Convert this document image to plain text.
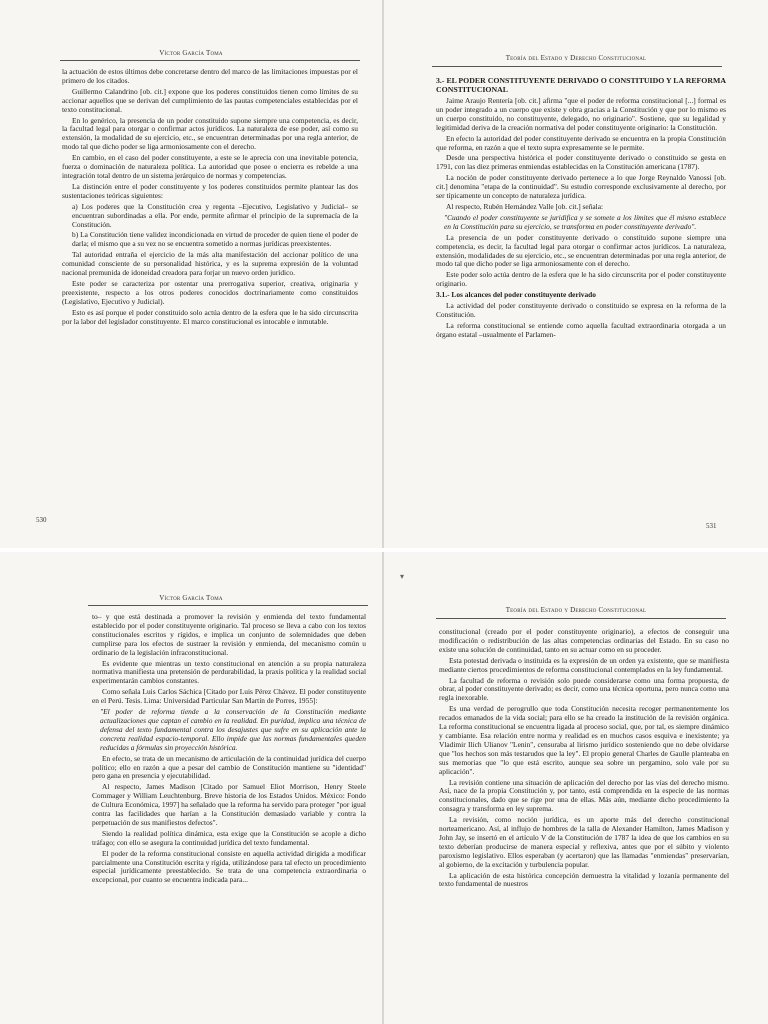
Víctor García Toma

la actuación de estos últimos debe concretarse dentro del marco de las limitaciones impuestas por el primero de los citados.

Guillermo Calandrino [ob. cit.] expone que los poderes constituidos tienen como límites de su accionar aquellos que se derivan del cumplimiento de las pautas competenciales establecidas por el texto constitucional.

En lo genérico, la presencia de un poder constituido supone siempre una competencia, es decir, la facultad legal para otorgar o confirmar actos jurídicos. La naturaleza de ese poder, así como su extensión, la modalidad de su ejercicio, etc., se encuentran determinadas por una regla anterior, de modo tal que dicho poder se liga armoniosamente con el derecho.

En cambio, en el caso del poder constituyente, a este se le aprecia con una inevitable potencia, fuerza o dominación de naturaleza política. La autoridad que posee o encierra es rebelde a una integración total dentro de un sistema jerárquico de normas y competencias.

La distinción entre el poder constituyente y los poderes constituidos permite plantear las dos sustentaciones teóricas siguientes:

a) Los poderes que la Constitución crea y regenta –Ejecutivo, Legislativo y Judicial– se encuentran subordinadas a ella. Por ende, permite afirmar el principio de la supremacía de la Constitución.

b) La Constitución tiene validez incondicionada en virtud de proceder de quien tiene el poder de darla; el mismo que a su vez no se encuentra sometido a normas jurídicas preexistentes.

Tal autoridad entraña el ejercicio de la más alta manifestación del accionar político de una comunidad consciente de su personalidad histórica, y es la suprema expresión de la voluntad nacional premunida de idoneidad creadora para forjar un nuevo orden jurídico.

Este poder se caracteriza por ostentar una prerrogativa superior, creativa, originaria y preexistente, respecto a los otros poderes conocidos doctrinariamente como constituidos (Legislativo, Ejecutivo y Judicial).

Esto es así porque el poder constituido solo actúa dentro de la esfera que le ha sido circunscrita por la labor del legislador constituyente. El marco constitucional es intocable e inmutable.

530
Teoría del Estado y Derecho Constitucional
3.- EL PODER CONSTITUYENTE DERIVADO O CONSTITUIDO Y LA REFORMA CONSTITUCIONAL

Jaime Araujo Rentería [ob. cit.] afirma "que el poder de reforma constitucional [...] formal es un poder integrado a un cuerpo que existe y obra gracias a la Constitución y que por lo mismo es un cuerpo constituido, no constituyente, delegado, no originario". Sostiene, que su legalidad y legitimidad deriva de la creación normativa del poder constituyente originario: la Constitución.

En efecto la autoridad del poder constituyente derivado se encuentra en la propia Constitución que reforma, en razón a que el texto supra expresamente se le permite.

Desde una perspectiva histórica el poder constituyente derivado o constituido se gesta en 1791, con las diez primeras enmiendas establecidas en la Constitución americana (1787).

La noción de poder constituyente derivado pertenece a lo que Jorge Reynaldo Vanossi [ob. cit.] denomina "etapa de la continuidad". Su estudio corresponde exclusivamente al derecho, por ser típicamente un concepto de naturaleza jurídica.

Al respecto, Rubén Hernández Valle [ob. cit.] señala:

"Cuando el poder constituyente se juridifica y se somete a los límites que él mismo establece en la Constitución para su ejercicio, se transforma en poder constituyente derivado".

La presencia de un poder constituyente derivado o constituido supone siempre una competencia, es decir, la facultad legal para otorgar o confirmar actos jurídicos. La naturaleza, extensión, modalidades de su ejercicio, etc., se encuentran determinadas por una regla anterior, de modo tal que dicho poder se liga armoniosamente con el derecho.

Este poder solo actúa dentro de la esfera que le ha sido circunscrita por el poder constituyente originario.

3.1.- Los alcances del poder constituyente derivado

La actividad del poder constituyente derivado o constituido se expresa en la reforma de la Constitución.

La reforma constitucional se entiende como aquella facultad extraordinaria otorgada a un órgano estatal –usualmente el Parlamen-

531
Víctor García Toma

to– y que está destinada a promover la revisión y enmienda del texto fundamental establecido por el poder constituyente originario. Tal proceso se lleva a cabo con los textos constitucionales escritos y rígidos, e implica un conjunto de solemnidades que deben cumplirse para los efectos de sustraer la revisión y enmienda, del mecanismo común u ordinario de la legislación infraconstitucional.

Es evidente que mientras un texto constitucional en atención a su propia naturaleza normativa manifiesta una pretensión de perdurabilidad, la praxis política y la realidad social experimentarán cambios constantes.

Como señala Luis Carlos Sáchica [Citado por Luis Pérez Chávez. El poder constituyente en el Perú. Tesis. Lima: Universidad Particular San Martín de Porres, 1955]:

"El poder de reforma tiende a la conservación de la Constitución mediante actualizaciones que captan el cambio en la realidad. En puridad, implica una técnica de defensa del texto fundamental contra los desajustes que sufre en su aplicación ante la concreta realidad espacio-temporal. Ello impide que las normas fundamentales queden reducidas a fórmulas sin proyección histórica.

En efecto, se trata de un mecanismo de articulación de la continuidad jurídica del cuerpo político; ello en razón a que a pesar del cambio de Constitución mantiene su "identidad" pero gana en presencia y ejecutabilidad.

Al respecto, James Madison [Citado por Samuel Eliot Morrison, Henry Steele Commager y William Leuchtenburg. Breve historia de los Estados Unidos. México: Fondo de Cultura Económica, 1997] ha señalado que la reforma ha servido para proteger "por igual contra las facilidades que harían a la Constitución demasiado variable y contra la perpetuación de sus manifiestos defectos".

Siendo la realidad política dinámica, esta exige que la Constitución se acople a dicho tráfago; con ello se asegura la continuidad jurídica del texto fundamental.

El poder de la reforma constitucional consiste en aquella actividad dirigida a modificar parcialmente una Constitución escrita y rígida, utilizándose para tal efecto un procedimiento especial jurídicamente preestablecido. Se trata de una competencia extraordinaria o excepcional, por cuanto se encuentra indicada para...

Teoría del Estado y Derecho Constitucional

constitucional (creado por el poder constituyente originario), a efectos de conseguir una modificación o redistribución de las altas competencias ordinarias del Estado. En su caso no existe una solución de continuidad, tanto en su actuar como en su proceder.

Esta potestad derivada o instituida es la expresión de un orden ya existente, que se manifiesta mediante ciertos procedimientos de reforma constitucional contemplados en la ley fundamental.

La facultad de reforma o revisión solo puede considerarse como una forma propuesta, de obrar, al poder constituyente derivado; es decir, como una técnica oportuna, pero nunca como una regla inexorable.

Es una verdad de perogrullo que toda Constitución necesita recoger permanentemente los recados emanados de la vida social; para ello se ha creado la institución de la revisión orgánica. La reforma constitucional se encuentra ligada al proceso social, que, por tal, es siempre dinámico y cambiante. Esa relación entre norma y realidad es en muchos casos esquiva e inexistente; ya Vladimir Ilich Ulianov "Lenin", censuraba al lirismo jurídico sosteniendo que no debe olvidarse que "los hechos son más testarudos que la ley". El propio general Charles de Gaulle planteaba en sus memorias que "lo que está escrito, aunque sea sobre un pergamino, solo vale por su aplicación".

La revisión contiene una situación de aplicación del derecho por las vías del derecho mismo. Así, nace de la propia Constitución y, por tanto, está comprendida en la especie de las normas constitucionales, dado que se rige por una de ellas. Más aún, mediante dicho procedimiento la consagra y transforma en ley suprema.

La revisión, como noción jurídica, es un aporte más del derecho constitucional norteamericano. Así, al influjo de hombres de la talla de Alexander Hamilton, James Madison y John Jay, se insertó en el artículo V de la Constitución de 1787 la idea de que los cambios en su texto deberían producirse de manera especial y reflexiva, antes que por el súbito y violento paroxismo legislativo. Ellos esperaban (y acertaron) que las llamadas "enmiendas" preservarían, al gobierno, de la excitación y turbulencia popular.

La aplicación de esta histórica concepción demuestra la vitalidad y lozanía permanente del texto fundamental de nuestros

▾
